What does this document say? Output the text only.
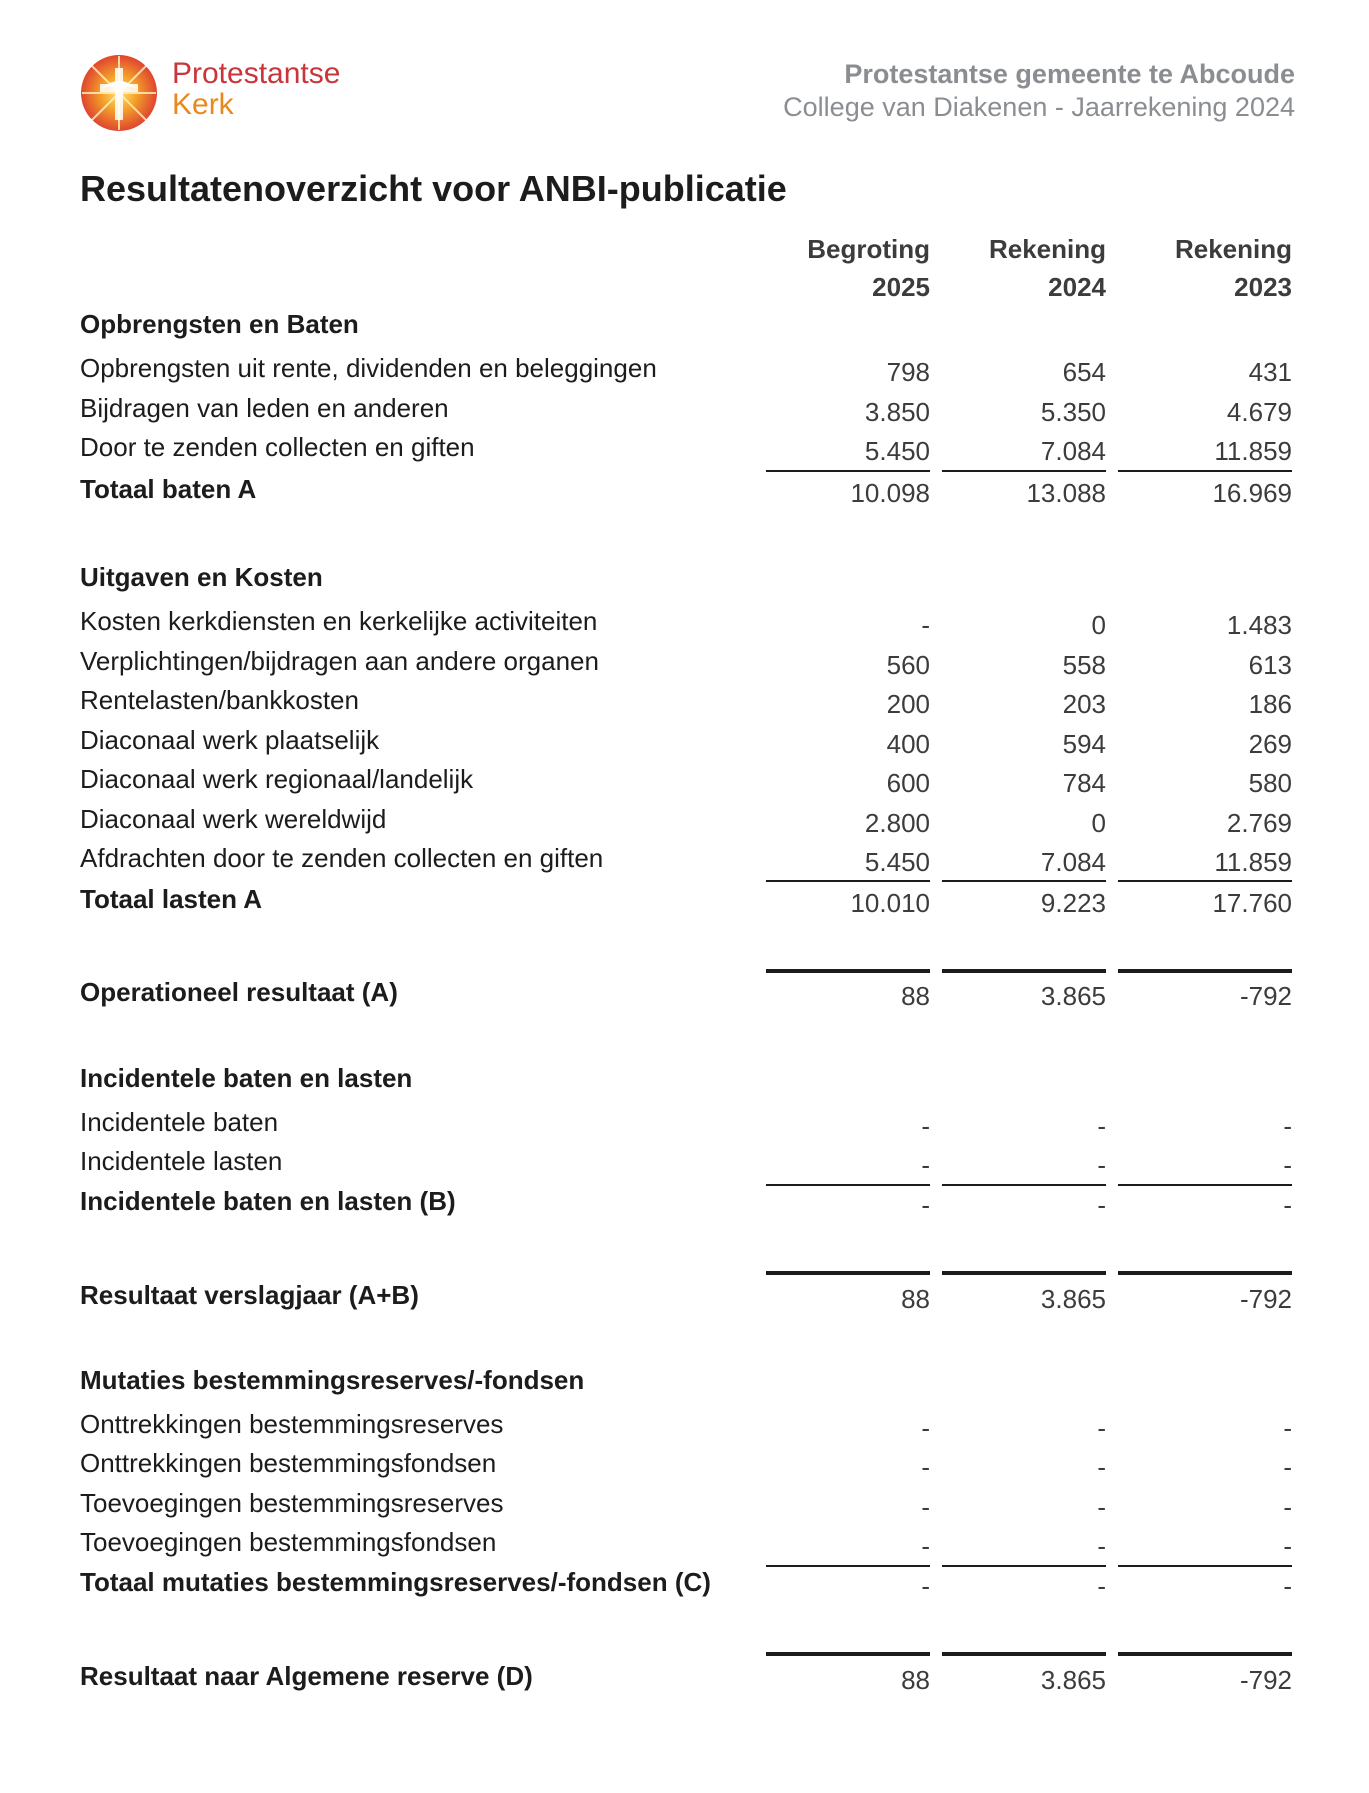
Protestantse
Kerk
Protestantse gemeente te Abcoude
College van Diakenen - Jaarrekening 2024
Resultatenoverzicht voor ANBI-publicatie
Begroting
2025
Rekening
2024
Rekening
2023
Opbrengsten en Baten
Opbrengsten uit rente, dividenden en beleggingen	798	654	431
Bijdragen van leden en anderen	3.850	5.350	4.679
Door te zenden collecten en giften	5.450	7.084	11.859
Totaal baten A	10.098	13.088	16.969
Uitgaven en Kosten
Kosten kerkdiensten en kerkelijke activiteiten	-	0	1.483
Verplichtingen/bijdragen aan andere organen	560	558	613
Rentelasten/bankkosten	200	203	186
Diaconaal werk plaatselijk	400	594	269
Diaconaal werk regionaal/landelijk	600	784	580
Diaconaal werk wereldwijd	2.800	0	2.769
Afdrachten door te zenden collecten en giften	5.450	7.084	11.859
Totaal lasten A	10.010	9.223	17.760
Operationeel resultaat (A)	88	3.865	-792
Incidentele baten en lasten
Incidentele baten	-	-	-
Incidentele lasten	-	-	-
Incidentele baten en lasten (B)	-	-	-
Resultaat verslagjaar (A+B)	88	3.865	-792
Mutaties bestemmingsreserves/-fondsen
Onttrekkingen bestemmingsreserves	-	-	-
Onttrekkingen bestemmingsfondsen	-	-	-
Toevoegingen bestemmingsreserves	-	-	-
Toevoegingen bestemmingsfondsen	-	-	-
Totaal mutaties bestemmingsreserves/-fondsen (C)	-	-	-
Resultaat naar Algemene reserve (D)	88	3.865	-792
